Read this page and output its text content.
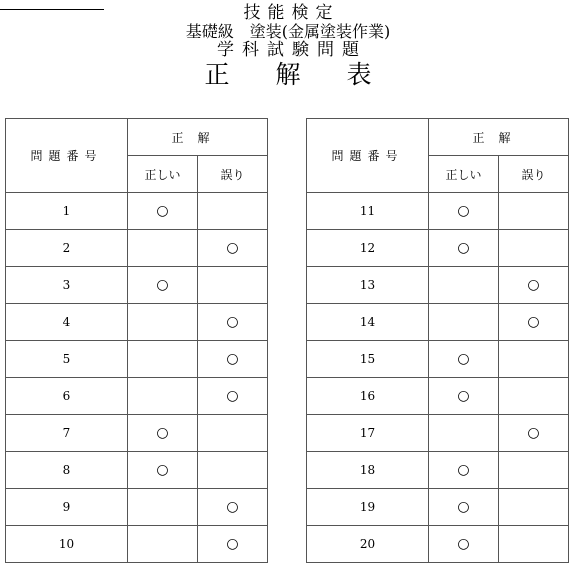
技能検定
基礎級　塗装(金属塗装作業)
学科試験問題
正解表
問題番号	正解	
	正しい	誤り
1	○	
2		○
3	○	
4		○
5		○
6		○
7	○	
8	○	
9		○
10		○
問題番号	正解	
	正しい	誤り
11	○	
12	○	
13		○
14		○
15	○	
16	○	
17		○
18	○	
19	○	
20	○	
